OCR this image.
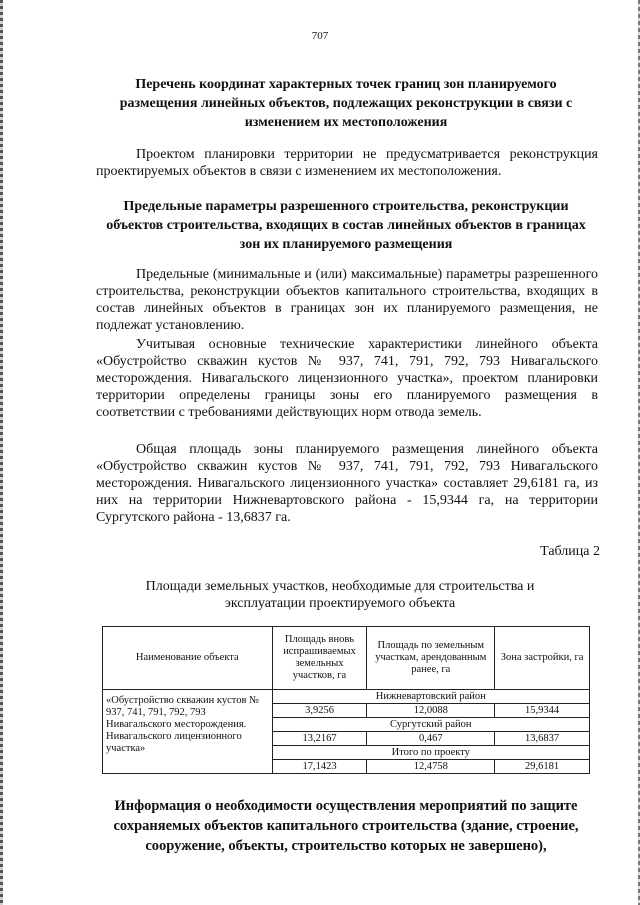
707

Перечень координат характерных точек границ зон планируемого размещения линейных объектов, подлежащих реконструкции в связи с изменением их местоположения

Проектом планировки территории не предусматривается реконструкция проектируемых объектов в связи с изменением их местоположения.

Предельные параметры разрешенного строительства, реконструкции объектов строительства, входящих в состав линейных объектов в границах зон их планируемого размещения

Предельные (минимальные и (или) максимальные) параметры разрешенного строительства, реконструкции объектов капитального строительства, входящих в состав линейных объектов в границах зон их планируемого размещения, не подлежат установлению.

Учитывая основные технические характеристики линейного объекта «Обустройство скважин кустов № 937, 741, 791, 792, 793 Нивагальского месторождения. Нивагальского лицензионного участка», проектом планировки территории определены границы зоны его планируемого размещения в соответствии с требованиями действующих норм отвода земель.

Общая площадь зоны планируемого размещения линейного объекта «Обустройство скважин кустов № 937, 741, 791, 792, 793 Нивагальского месторождения. Нивагальского лицензионного участка» составляет 29,6181 га, из них на территории Нижневартовского района - 15,9344 га, на территории Сургутского района - 13,6837 га.

Таблица 2

Площади земельных участков, необходимые для строительства и эксплуатации проектируемого объекта

Наименование объекта	Площадь вновь испрашиваемых земельных участков, га	Площадь по земельным участкам, арендованным ранее, га	Зона застройки, га
«Обустройство скважин кустов № 937, 741, 791, 792, 793 Нивагальского месторождения. Нивагальского лицензионного участка»	Нижневартовский район		
	3,9256	12,0088	15,9344
	Сургутский район		
	13,2167	0,467	13,6837
	Итого по проекту		
	17,1423	12,4758	29,6181

Информация о необходимости осуществления мероприятий по защите сохраняемых объектов капитального строительства (здание, строение, сооружение, объекты, строительство которых не завершено),
